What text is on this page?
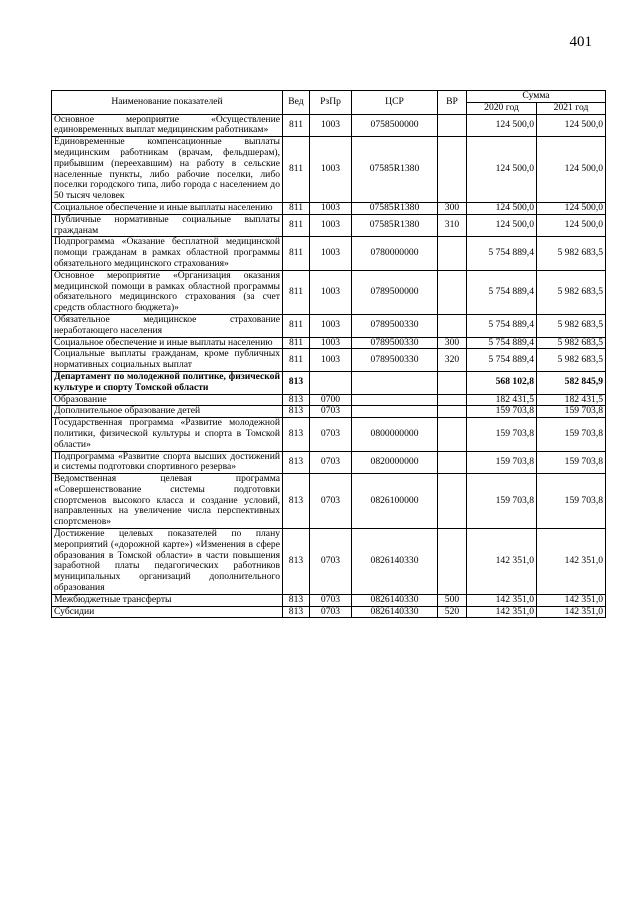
401
Наименование показателей	Вед	РзПр	ЦСР	ВР	Сумма	
					2020 год	2021 год
Основное мероприятие «Осуществление единовременных выплат медицинским работникам»	811	1003	0758500000		124 500,0	124 500,0
Единовременные компенсационные выплаты медицинским работникам (врачам, фельдшерам), прибывшим (переехавшим) на работу в сельские населенные пункты, либо рабочие поселки, либо поселки городского типа, либо города с населением до 50 тысяч человек	811	1003	07585R1380		124 500,0	124 500,0
Социальное обеспечение и иные выплаты населению	811	1003	07585R1380	300	124 500,0	124 500,0
Публичные нормативные социальные выплаты гражданам	811	1003	07585R1380	310	124 500,0	124 500,0
Подпрограмма «Оказание бесплатной медицинской помощи гражданам в рамках областной программы обязательного медицинского страхования»	811	1003	0780000000		5 754 889,4	5 982 683,5
Основное мероприятие «Организация оказания медицинской помощи в рамках областной программы обязательного медицинского страхования (за счет средств областного бюджета)»	811	1003	0789500000		5 754 889,4	5 982 683,5
Обязательное медицинское страхование неработающего населения	811	1003	0789500330		5 754 889,4	5 982 683,5
Социальное обеспечение и иные выплаты населению	811	1003	0789500330	300	5 754 889,4	5 982 683,5
Социальные выплаты гражданам, кроме публичных нормативных социальных выплат	811	1003	0789500330	320	5 754 889,4	5 982 683,5
Департамент по молодежной политике, физической культуре и спорту Томской области	813				568 102,8	582 845,9
Образование	813	0700			182 431,5	182 431,5
Дополнительное образование детей	813	0703			159 703,8	159 703,8
Государственная программа «Развитие молодежной политики, физической культуры и спорта в Томской области»	813	0703	0800000000		159 703,8	159 703,8
Подпрограмма «Развитие спорта высших достижений и системы подготовки спортивного резерва»	813	0703	0820000000		159 703,8	159 703,8
Ведомственная целевая программа «Совершенствование системы подготовки спортсменов высокого класса и создание условий, направленных на увеличение числа перспективных спортсменов»	813	0703	0826100000		159 703,8	159 703,8
Достижение целевых показателей по плану мероприятий («дорожной карте») «Изменения в сфере образования в Томской области» в части повышения заработной платы педагогических работников муниципальных организаций дополнительного образования	813	0703	0826140330		142 351,0	142 351,0
Межбюджетные трансферты	813	0703	0826140330	500	142 351,0	142 351,0
Субсидии	813	0703	0826140330	520	142 351,0	142 351,0
